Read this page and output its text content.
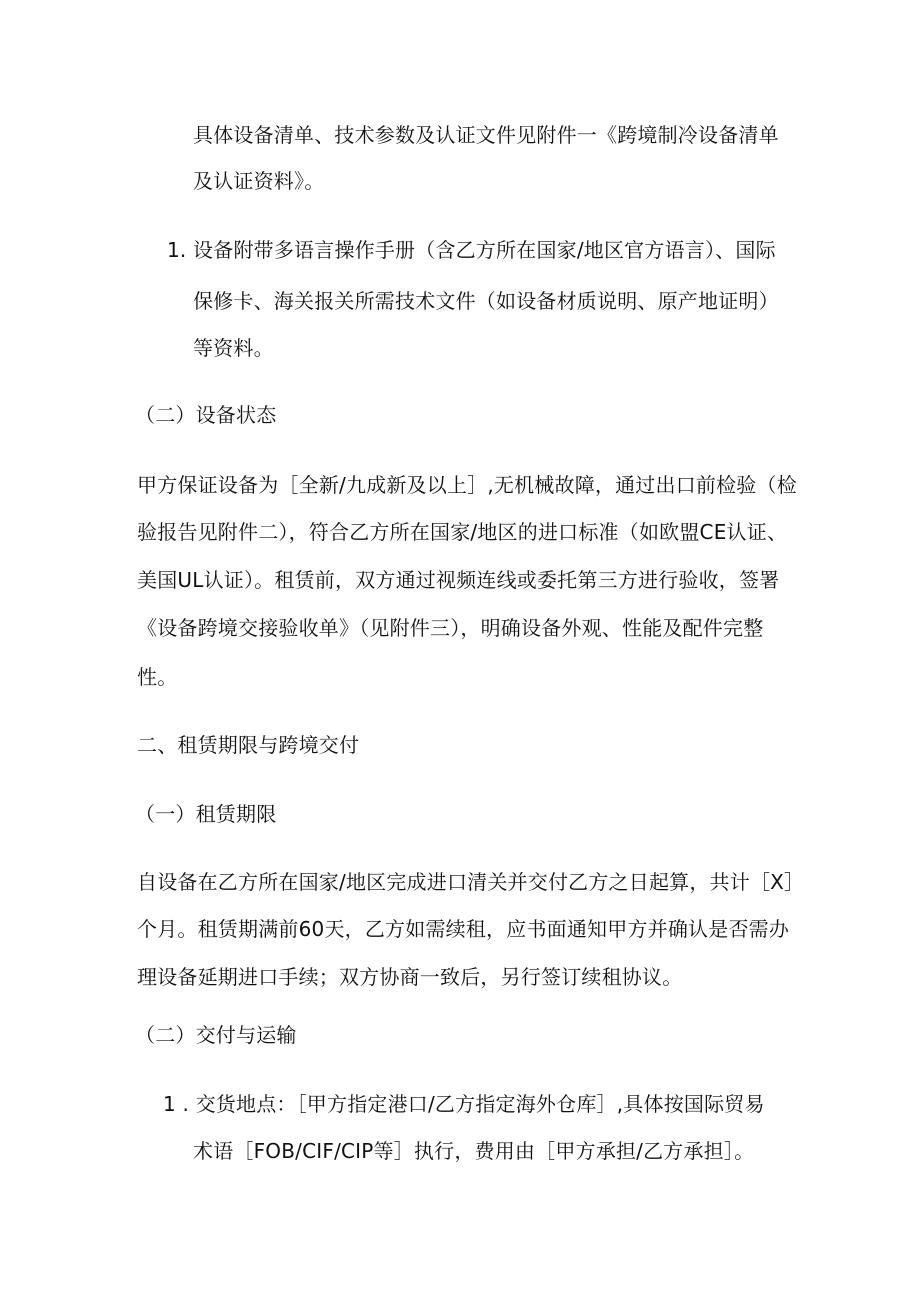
具体设备清单、技术参数及认证文件见附件一《跨境制冷设备清单
及认证资料》。
1. 设备附带多语言操作手册（含乙方所在国家/地区官方语言）、国际
保修卡、海关报关所需技术文件（如设备材质说明、原产地证明）
等资料。
（二）设备状态
甲方保证设备为［全新/九成新及以上］,无机械故障，通过出口前检验（检
验报告见附件二），符合乙方所在国家/地区的进口标准（如欧盟CE认证、
美国UL认证）。租赁前，双方通过视频连线或委托第三方进行验收，签署
《设备跨境交接验收单》（见附件三），明确设备外观、性能及配件完整
性。
二、租赁期限与跨境交付
（一）租赁期限
自设备在乙方所在国家/地区完成进口清关并交付乙方之日起算，共计［X］
个月。租赁期满前60天，乙方如需续租，应书面通知甲方并确认是否需办
理设备延期进口手续；双方协商一致后，另行签订续租协议。
（二）交付与运输
1 . 交货地点：［甲方指定港口/乙方指定海外仓库］,具体按国际贸易
术语［FOB/CIF/CIP等］执行，费用由［甲方承担/乙方承担］。
